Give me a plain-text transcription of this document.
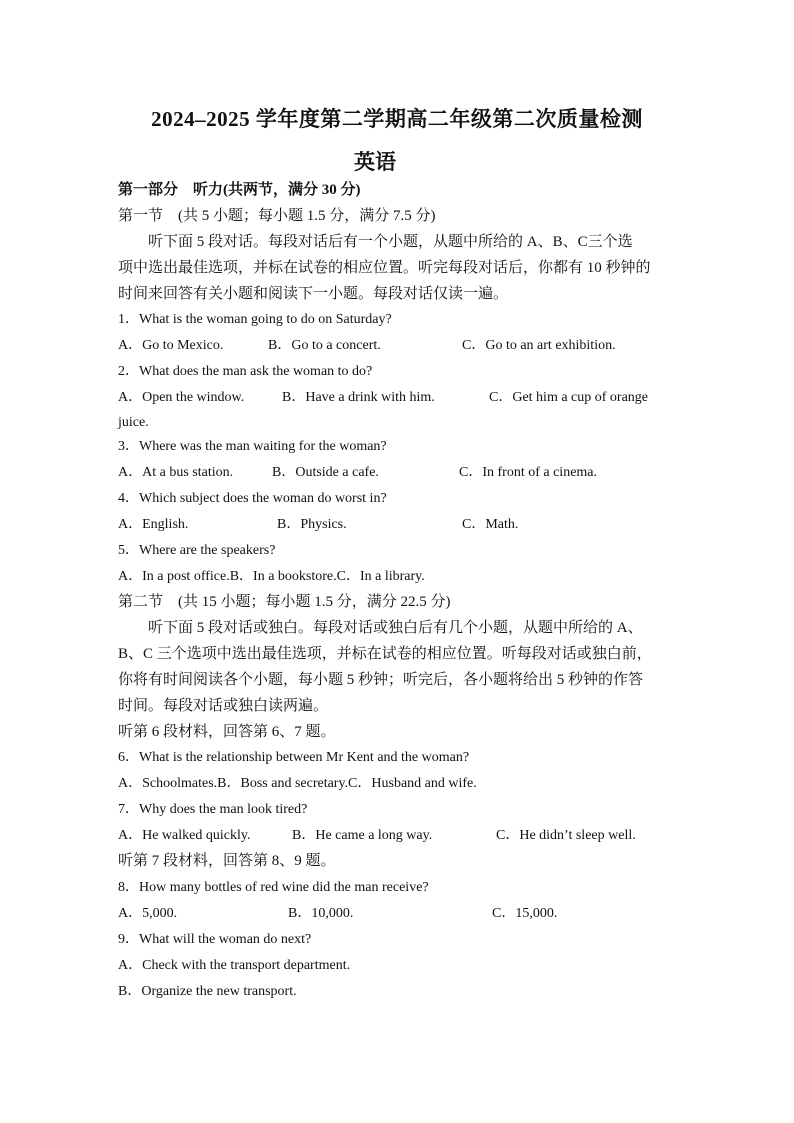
2024–2025 学年度第二学期高二年级第二次质量检测
英语
第一部分　听力(共两节，满分 30 分)
第一节　(共 5 小题；每小题 1.5 分，满分 7.5 分)
听下面 5 段对话。每段对话后有一个小题，从题中所给的 A、B、C三个选
项中选出最佳选项，并标在试卷的相应位置。听完每段对话后，你都有 10 秒钟的
时间来回答有关小题和阅读下一小题。每段对话仅读一遍。
1．What is the woman going to do on Saturday?
A．Go to Mexico.	B．Go to a concert.	C．Go to an art exhibition.
2．What does the man ask the woman to do?
A．Open the window.	B．Have a drink with him.	C．Get him a cup of orange
juice.
3．Where was the man waiting for the woman?
A．At a bus station.	B．Outside a cafe.	C．In front of a cinema.
4．Which subject does the woman do worst in?
A．English.	B．Physics.	C．Math.
5．Where are the speakers?
A．In a post office.B．In a bookstore.C．In a library.
第二节　(共 15 小题；每小题 1.5 分，满分 22.5 分)
听下面 5 段对话或独白。每段对话或独白后有几个小题，从题中所给的 A、
B、C 三个选项中选出最佳选项，并标在试卷的相应位置。听每段对话或独白前，
你将有时间阅读各个小题，每小题 5 秒钟；听完后，各小题将给出 5 秒钟的作答
时间。每段对话或独白读两遍。
听第 6 段材料，回答第 6、7 题。
6．What is the relationship between Mr Kent and the woman?
A．Schoolmates.B．Boss and secretary.C．Husband and wife.
7．Why does the man look tired?
A．He walked quickly.	B．He came a long way.	C．He didn’t sleep well.
听第 7 段材料，回答第 8、9 题。
8．How many bottles of red wine did the man receive?
A．5,000.	B．10,000.	C．15,000.
9．What will the woman do next?
A．Check with the transport department.
B．Organize the new transport.
